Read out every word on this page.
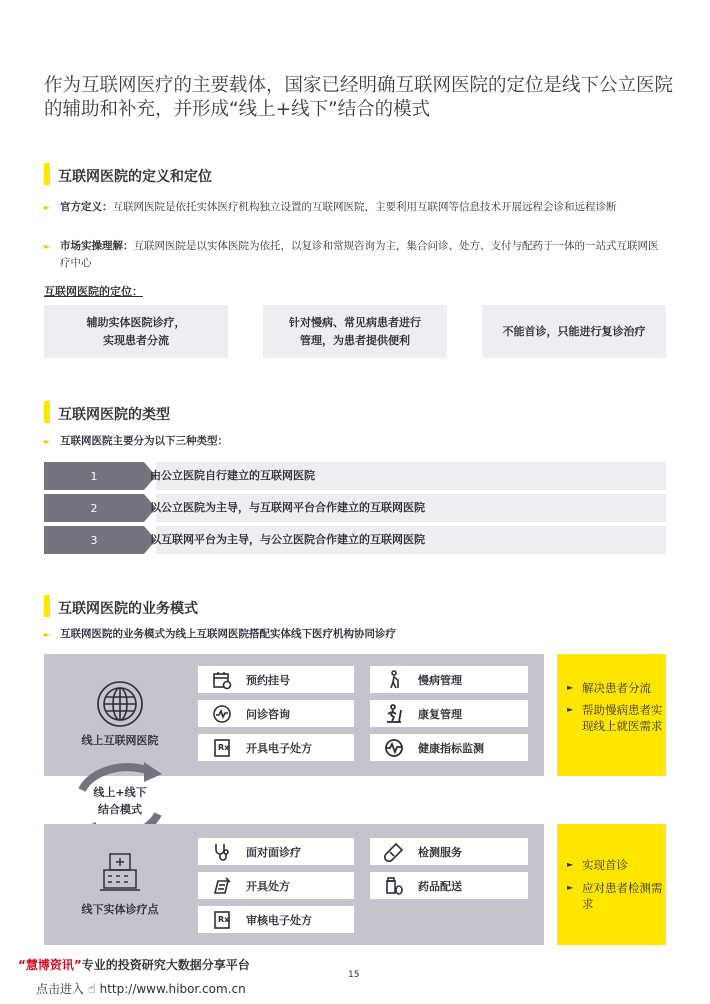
作为互联网医疗的主要载体，国家已经明确互联网医院的定位是线下公立医院的辅助和补充，并形成“线上+线下”结合的模式
互联网医院的定义和定位
► 官方定义：互联网医院是依托实体医疗机构独立设置的互联网医院，主要利用互联网等信息技术开展远程会诊和远程诊断
► 市场实操理解：互联网医院是以实体医院为依托，以复诊和常规咨询为主，集合问诊、处方、支付与配药于一体的一站式互联网医疗中心
互联网医院的定位：
辅助实体医院诊疗，
实现患者分流
针对慢病、常见病患者进行
管理，为患者提供便利
不能首诊，只能进行复诊治疗
互联网医院的类型
► 互联网医院主要分为以下三种类型：
1	由公立医院自行建立的互联网医院
2	以公立医院为主导，与互联网平台合作建立的互联网医院
3	以互联网平台为主导，与公立医院合作建立的互联网医院
互联网医院的业务模式
► 互联网医院的业务模式为线上互联网医院搭配实体线下医疗机构协同诊疗
线上互联网医院
预约挂号
问诊咨询
Rx 开具电子处方
慢病管理
康复管理
健康指标监测
► 解决患者分流
► 帮助慢病患者实现线上就医需求
线上+线下
结合模式
线下实体诊疗点
面对面诊疗
开具处方
Rx 审核电子处方
检测服务
药品配送
► 实现首诊
► 应对患者检测需求
“慧博资讯”专业的投资研究大数据分享平台
15
点击进入 ☝ http://www.hibor.com.cn
